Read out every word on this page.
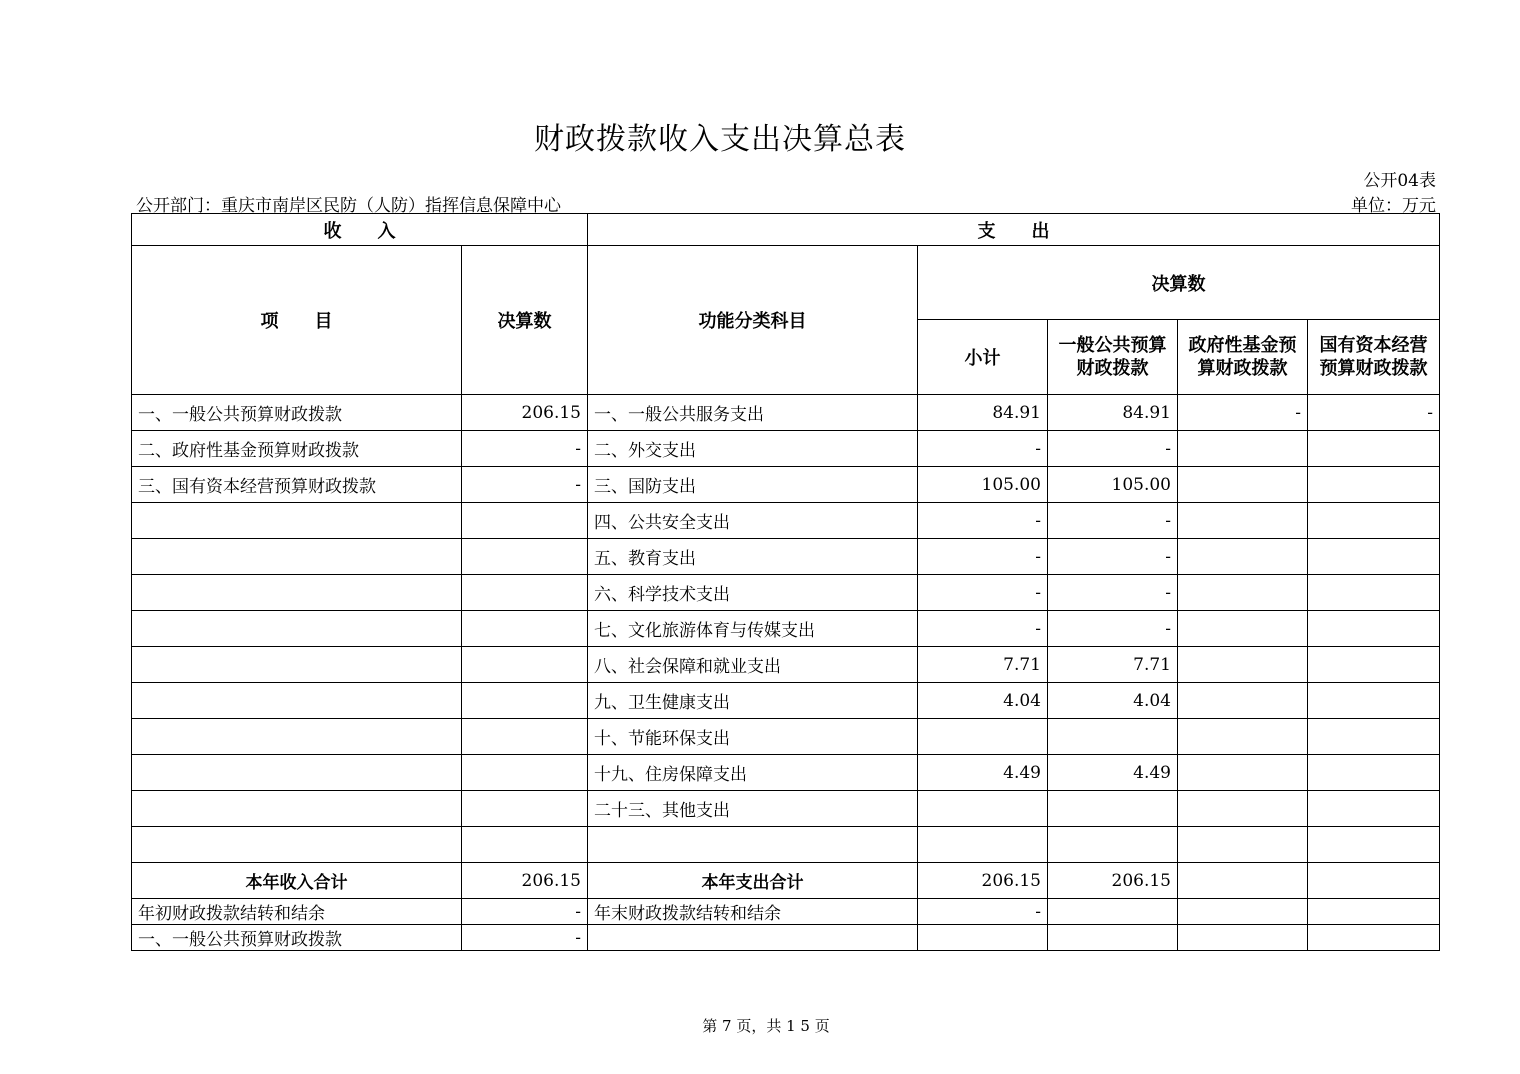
财政拨款收入支出决算总表
公开04表
公开部门：重庆市南岸区民防（人防）指挥信息保障中心	单位：万元
收　　入		支　　出				
项　　目	决算数	功能分类科目	决算数			
			小计	一般公共预算财政拨款	政府性基金预算财政拨款	国有资本经营预算财政拨款
一、一般公共预算财政拨款	206.15	一、一般公共服务支出	84.91	84.91	-	-
二、政府性基金预算财政拨款	-	二、外交支出	-	-		
三、国有资本经营预算财政拨款	-	三、国防支出	105.00	105.00		
		四、公共安全支出	-	-		
		五、教育支出	-	-		
		六、科学技术支出	-	-		
		七、文化旅游体育与传媒支出	-	-		
		八、社会保障和就业支出	7.71	7.71		
		九、卫生健康支出	4.04	4.04		
		十、节能环保支出				
		十九、住房保障支出	4.49	4.49		
		二十三、其他支出				

本年收入合计	206.15	本年支出合计	206.15	206.15		
年初财政拨款结转和结余	-	年末财政拨款结转和结余	-			
一、一般公共预算财政拨款	-					
第 7 页，共 1 5 页
